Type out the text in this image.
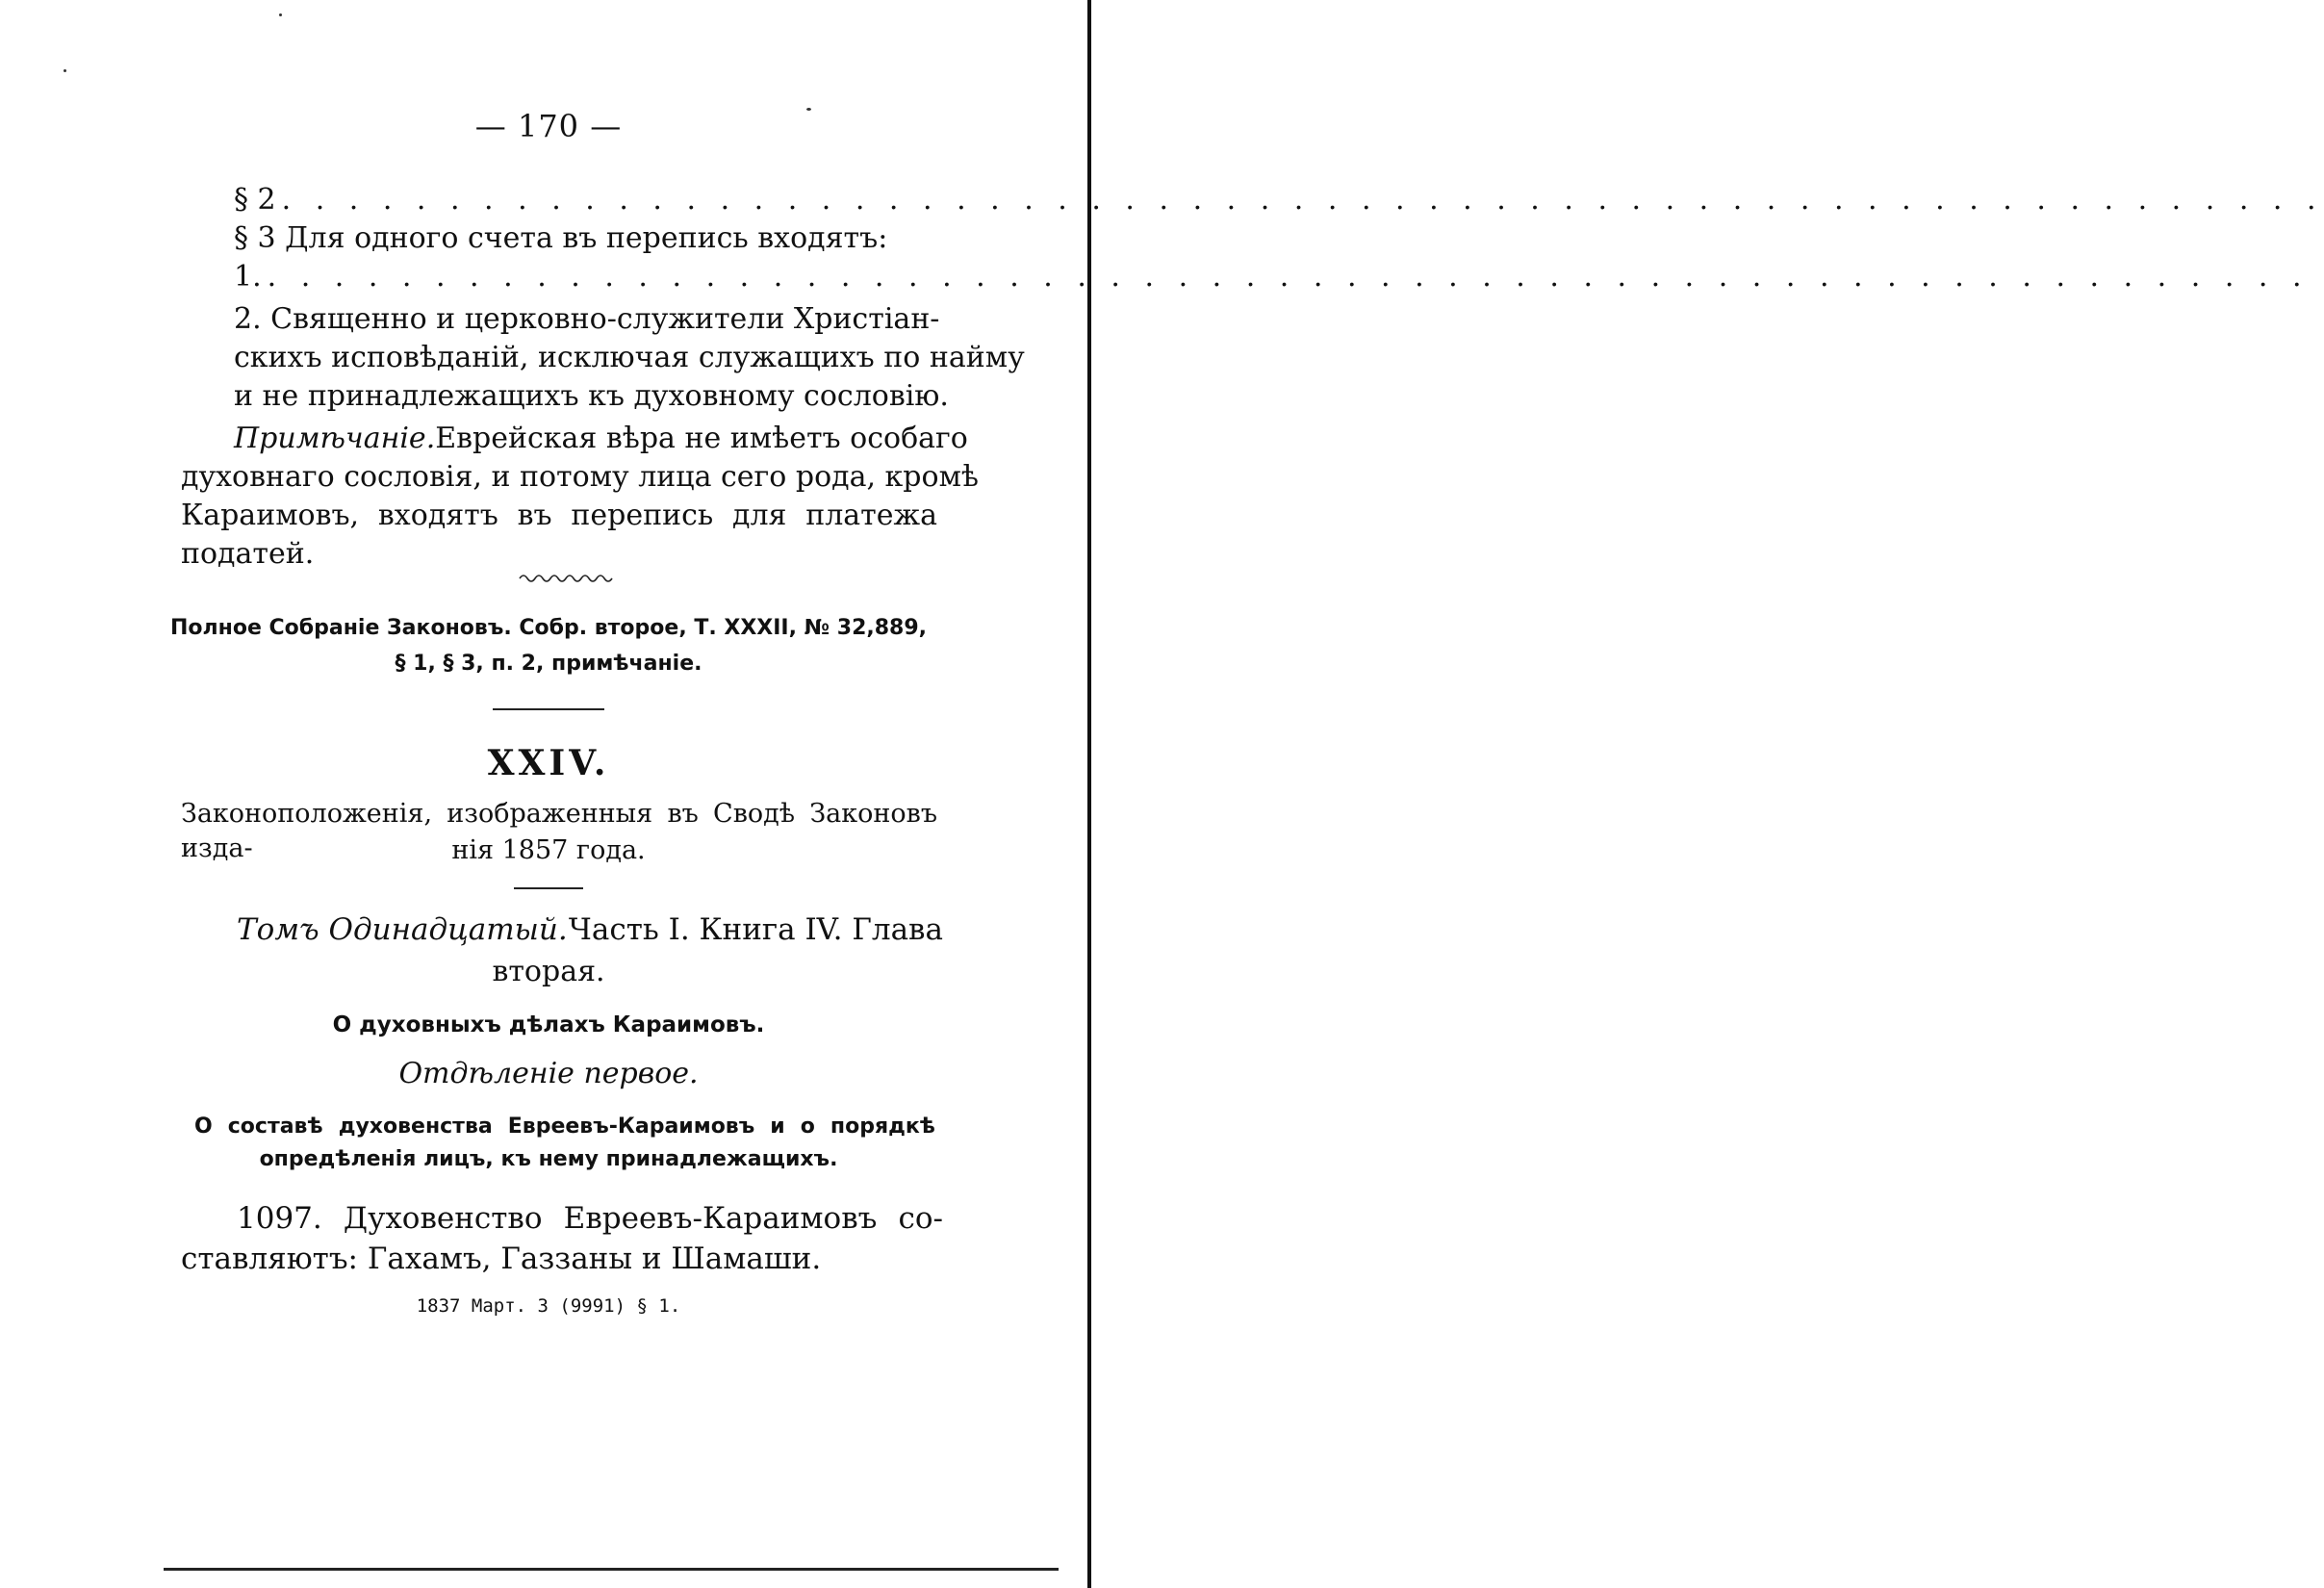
— 170 —
§ 2 . . . . . . . . . . . . . . . . . . . . . . . . . . . . . . . . . . . . . . . . . . . . . . . . . . . . . . . . . . . . .
§ 3 Для одного счета въ перепись входятъ:
1. . . . . . . . . . . . . . . . . . . . . . . . . . . . . . . . . . . . . . . . . . . . . . . . . . . . . . . . . . . . . .
2. Священно и церковно-служители Христіан-
скихъ исповѣданій, исключая служащихъ по найму
и не принадлежащихъ къ духовному сословію.
Примѣчаніе. Еврейская вѣра не имѣетъ особаго
духовнаго сословія, и потому лица сего рода, кромѣ
Караимовъ, входятъ въ перепись для платежа
податей.
Полное Собраніе Законовъ. Собр. второе, Т. XXXII, № 32,889,
§ 1, § 3, п. 2, примѣчаніе.
XXIV.
Законоположенія, изображенныя въ Сводѣ Законовъ изда-	нія 1857 года.
Томъ Одинадцатый. Часть I. Книга IV. Глава
вторая.
О духовныхъ дѣлахъ Караимовъ.
Отдѣленіе первое.
О составѣ духовенства Евреевъ-Караимовъ и о порядкѣ
опредѣленія лицъ, къ нему принадлежащихъ.
1097. Духовенство Евреевъ-Караимовъ со-
ставляютъ: Гахамъ, Газзаны и Шамаши.
1837 Март. 3 (9991) § 1.
